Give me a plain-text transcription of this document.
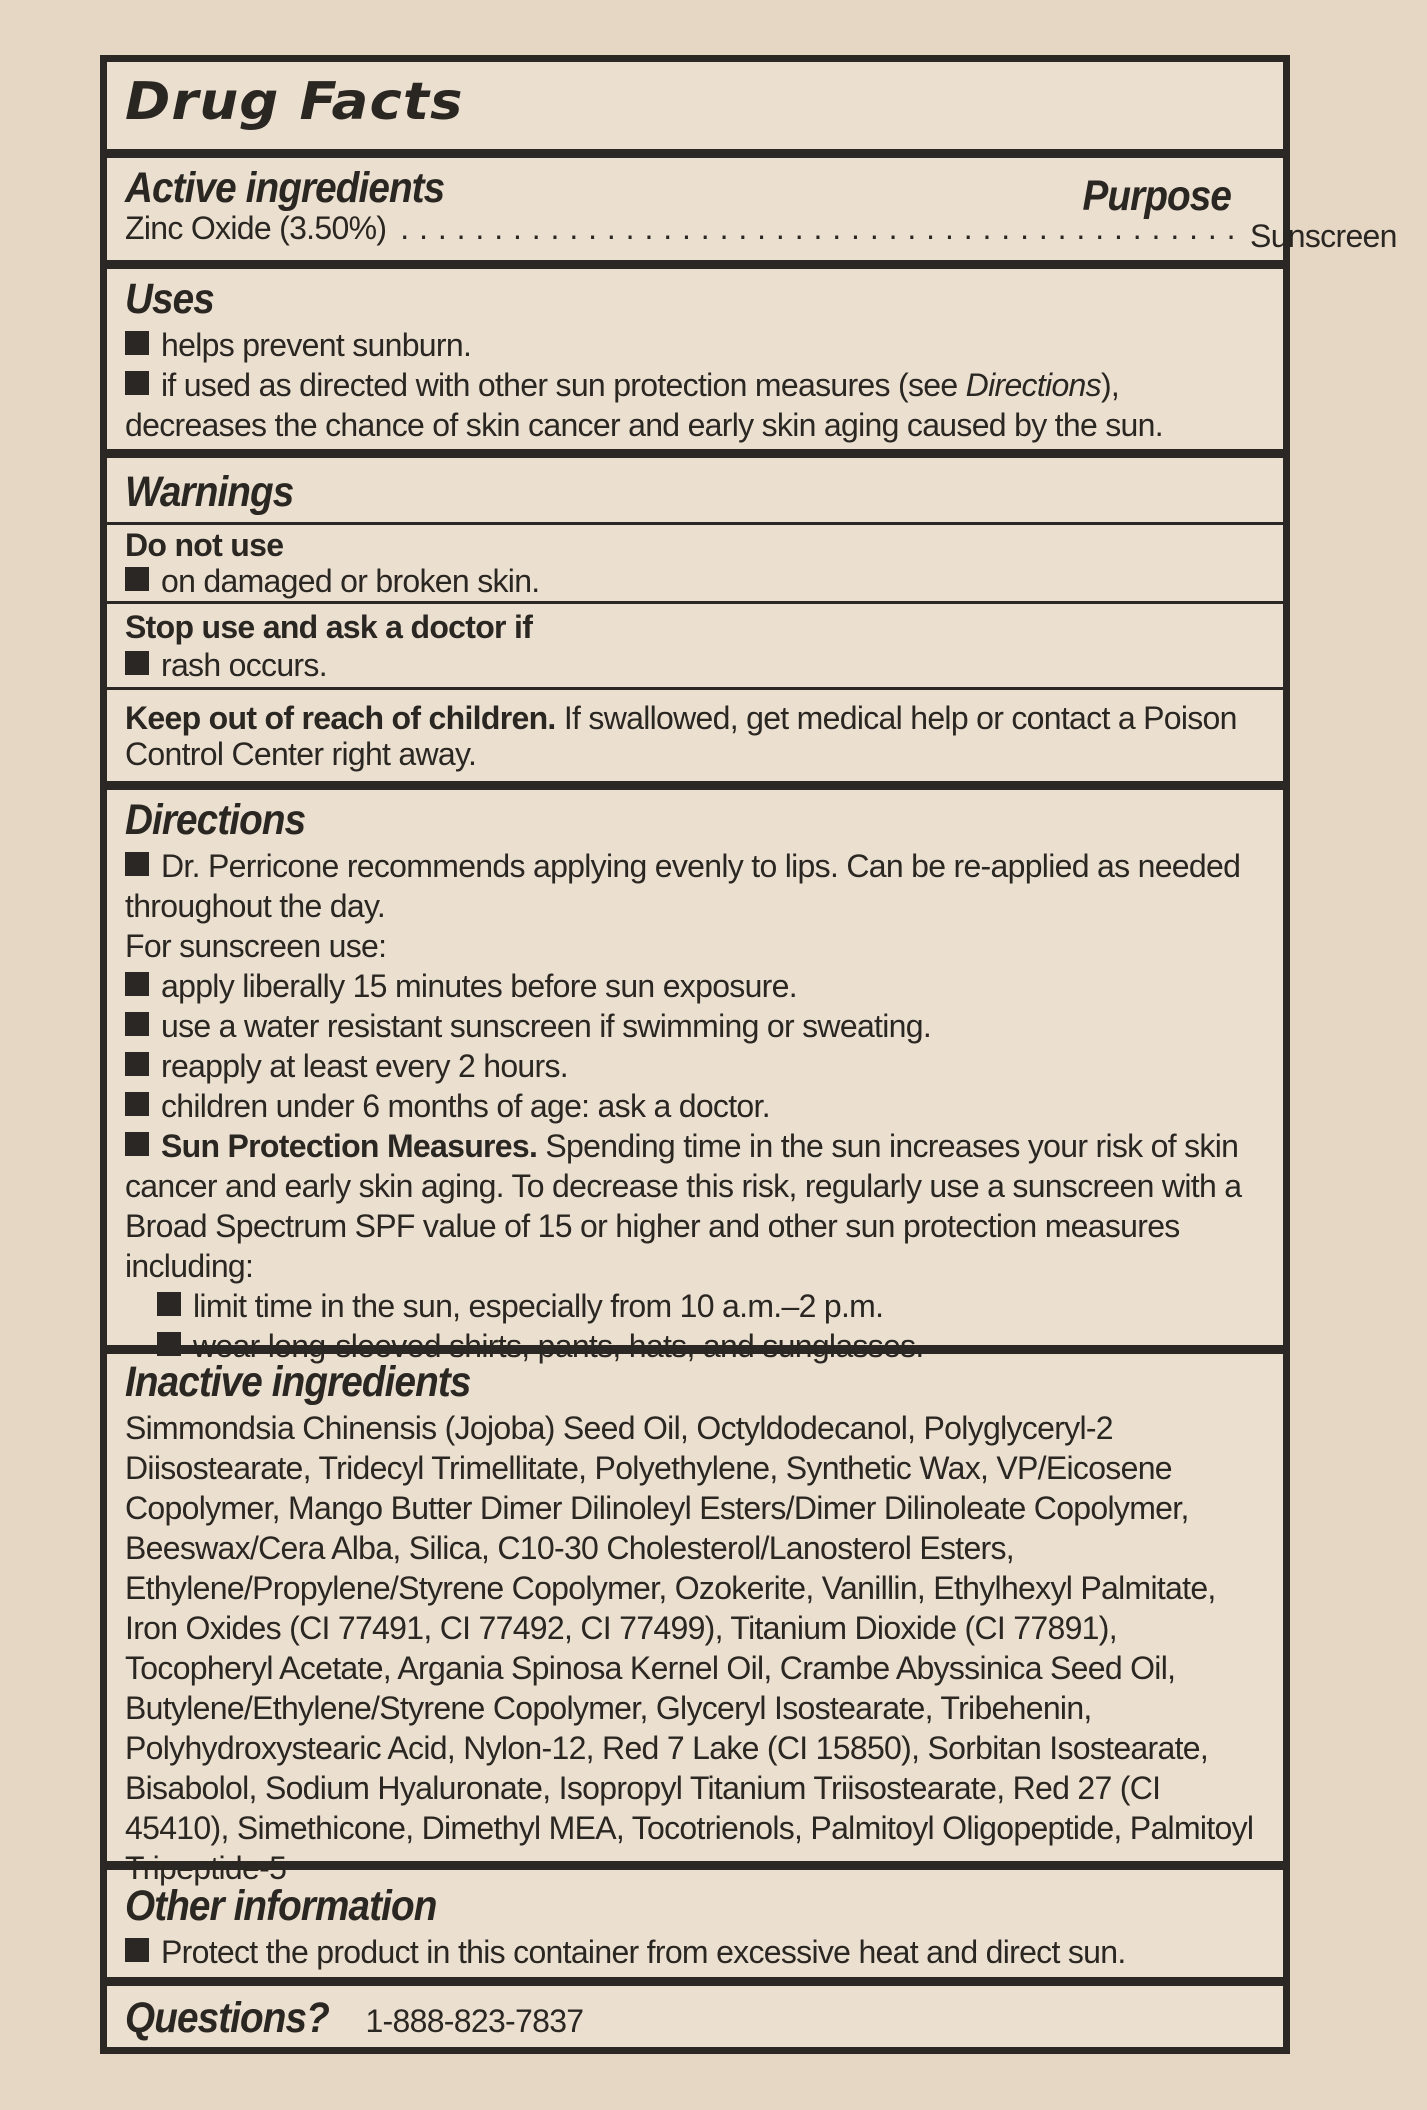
Drug Facts
Active ingredients	Purpose
Zinc Oxide (3.50%) . . . . . . . . . . . . . . . . . . . . . . . . . . . . . . . . . . . . . . . . . . . . . Sunscreen
Uses
helps prevent sunburn.
if used as directed with other sun protection measures (see Directions), decreases the chance of skin cancer and early skin aging caused by the sun.
Warnings
Do not use
on damaged or broken skin.
Stop use and ask a doctor if
rash occurs.
Keep out of reach of children. If swallowed, get medical help or contact a Poison Control Center right away.
Directions
Dr. Perricone recommends applying evenly to lips. Can be re-applied as needed throughout the day.
For sunscreen use:
apply liberally 15 minutes before sun exposure.
use a water resistant sunscreen if swimming or sweating.
reapply at least every 2 hours.
children under 6 months of age: ask a doctor.
Sun Protection Measures. Spending time in the sun increases your risk of skin cancer and early skin aging. To decrease this risk, regularly use a sunscreen with a Broad Spectrum SPF value of 15 or higher and other sun protection measures including:
limit time in the sun, especially from 10 a.m.–2 p.m.
wear long-sleeved shirts, pants, hats, and sunglasses.
Inactive ingredients
Simmondsia Chinensis (Jojoba) Seed Oil, Octyldodecanol, Polyglyceryl-2 Diisostearate, Tridecyl Trimellitate, Polyethylene, Synthetic Wax, VP/Eicosene Copolymer, Mango Butter Dimer Dilinoleyl Esters/Dimer Dilinoleate Copolymer, Beeswax/Cera Alba, Silica, C10-30 Cholesterol/Lanosterol Esters, Ethylene/Propylene/Styrene Copolymer, Ozokerite, Vanillin, Ethylhexyl Palmitate, Iron Oxides (CI 77491, CI 77492, CI 77499), Titanium Dioxide (CI 77891), Tocopheryl Acetate, Argania Spinosa Kernel Oil, Crambe Abyssinica Seed Oil, Butylene/Ethylene/Styrene Copolymer, Glyceryl Isostearate, Tribehenin, Polyhydroxystearic Acid, Nylon-12, Red 7 Lake (CI 15850), Sorbitan Isostearate, Bisabolol, Sodium Hyaluronate, Isopropyl Titanium Triisostearate, Red 27 (CI 45410), Simethicone, Dimethyl MEA, Tocotrienols, Palmitoyl Oligopeptide, Palmitoyl Tripeptide-5
Other information
Protect the product in this container from excessive heat and direct sun.
Questions? 1-888-823-7837
